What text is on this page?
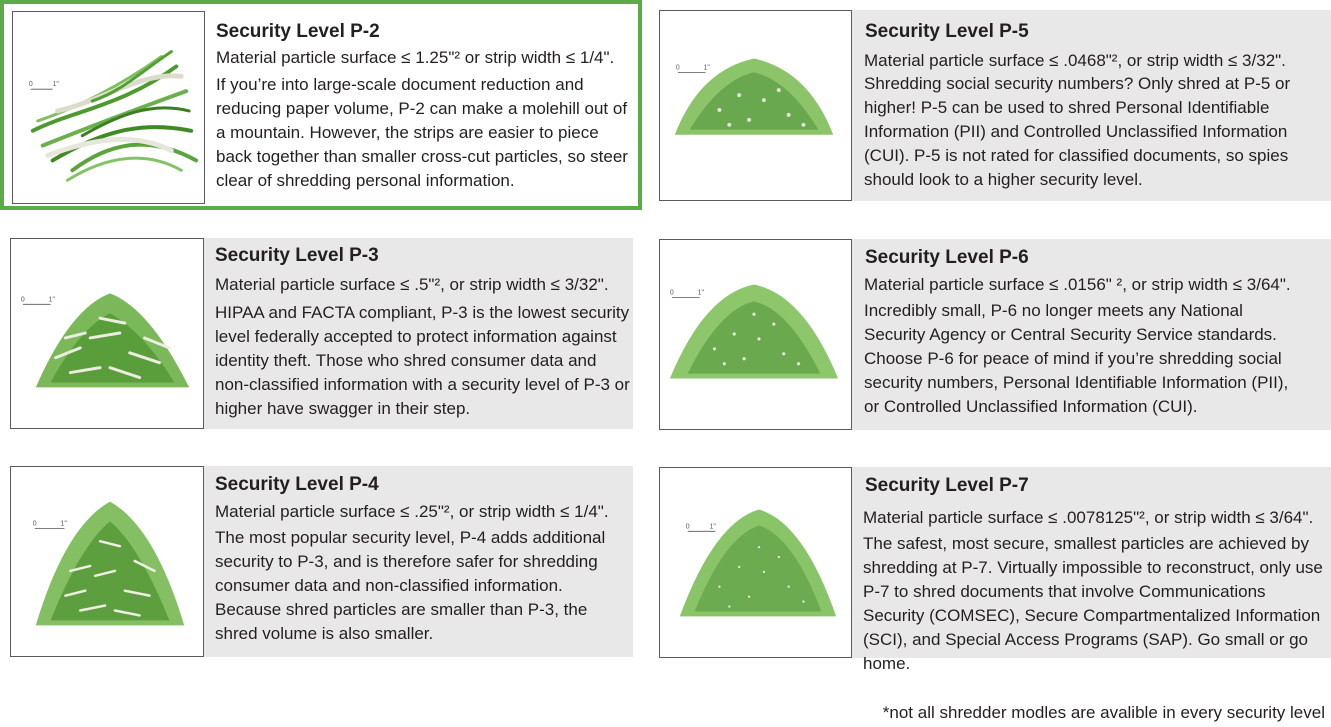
0	1"
Security Level P-2
Material particle surface ≤ 1.25"² or strip width ≤ 1/4".
If you’re into large-scale document reduction and reducing paper volume, P-2 can make a molehill out of a mountain. However, the strips are easier to piece back together than smaller cross-cut particles, so steer clear of shredding personal information.
0	1"
Security Level P-3
Material particle surface ≤ .5"², or strip width ≤ 3/32".
HIPAA and FACTA compliant, P-3 is the lowest security level federally accepted to protect information against identity theft. Those who shred consumer data and non-classified information with a security level of P-3 or higher have swagger in their step.
0	1"
Security Level P-4
Material particle surface ≤ .25"², or strip width ≤ 1/4".
The most popular security level, P-4 adds additional security to P-3, and is therefore safer for shredding consumer data and non-classified information. Because shred particles are smaller than P-3, the shred volume is also smaller.
0	1"
Security Level P-5
Material particle surface ≤ .0468"², or strip width ≤ 3/32".
Shredding social security numbers? Only shred at P-5 or higher! P-5 can be used to shred Personal Identifiable Information (PII) and Controlled Unclassified Information (CUI). P-5 is not rated for classified documents, so spies should look to a higher security level.
0	1"
Security Level P-6
Material particle surface ≤ .0156" ², or strip width ≤ 3/64".
Incredibly small, P-6 no longer meets any National Security Agency or Central Security Service standards. Choose P-6 for peace of mind if you’re shredding social security numbers, Personal Identifiable Information (PII), or Controlled Unclassified Information (CUI).
0	1"
Security Level P-7
Material particle surface ≤ .0078125"², or strip width ≤ 3/64".
The safest, most secure, smallest particles are achieved by shredding at P-7. Virtually impossible to reconstruct, only use P-7 to shred documents that involve Communications Security (COMSEC), Secure Compartmentalized Information (SCI), and Special Access Programs (SAP). Go small or go home.
*not all shredder modles are avalible in every security level
